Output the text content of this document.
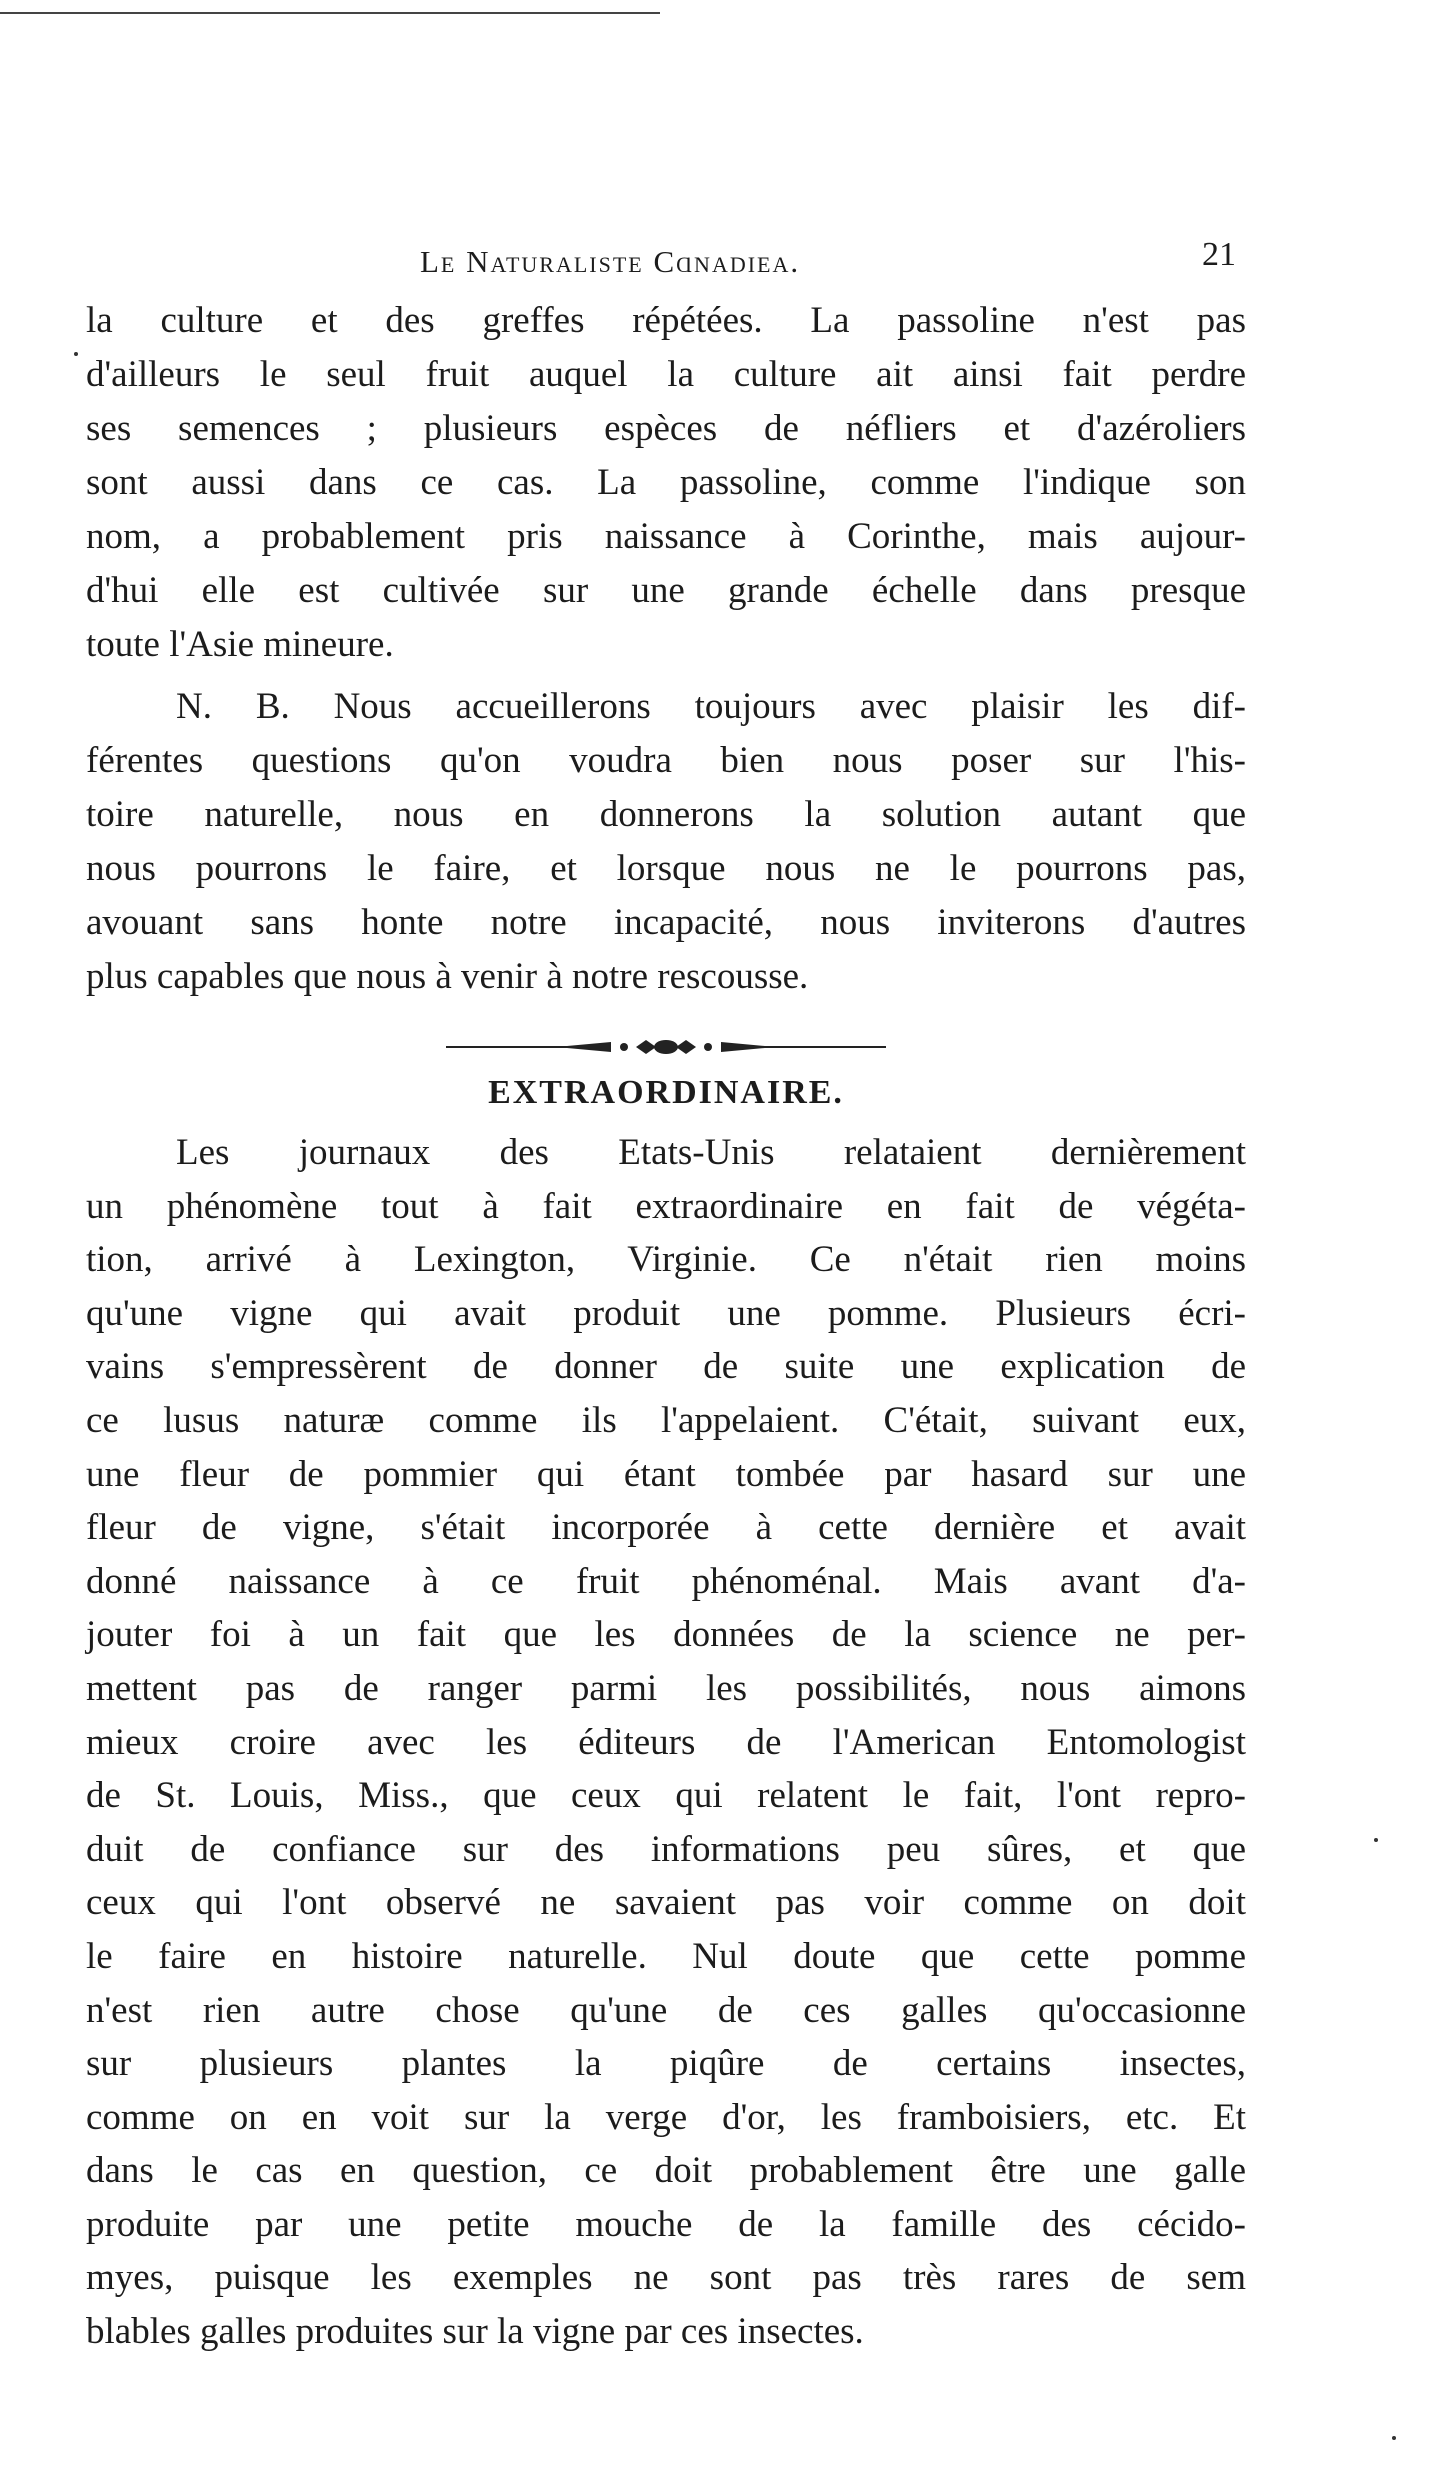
Le Naturaliste Cɑnadiea.	21
la culture et des greffes répétées. La passoline n'est pas
d'ailleurs le seul fruit auquel la culture ait ainsi fait perdre
ses semences ; plusieurs espèces de néfliers et d'azéroliers
sont aussi dans ce cas. La passoline, comme l'indique son
nom, a probablement pris naissance à Corinthe, mais aujour-
d'hui elle est cultivée sur une grande échelle dans presque
toute l'Asie mineure.
N. B. Nous accueillerons toujours avec plaisir les dif-
férentes questions qu'on voudra bien nous poser sur l'his-
toire naturelle, nous en donnerons la solution autant que
nous pourrons le faire, et lorsque nous ne le pourrons pas,
avouant sans honte notre incapacité, nous inviterons d'autres
plus capables que nous à venir à notre rescousse.
EXTRAORDINAIRE.
Les journaux des Etats-Unis relataient dernièrement
un phénomène tout à fait extraordinaire en fait de végéta-
tion, arrivé à Lexington, Virginie. Ce n'était rien moins
qu'une vigne qui avait produit une pomme. Plusieurs écri-
vains s'empressèrent de donner de suite une explication de
ce lusus naturæ comme ils l'appelaient. C'était, suivant eux,
une fleur de pommier qui étant tombée par hasard sur une
fleur de vigne, s'était incorporée à cette dernière et avait
donné naissance à ce fruit phénoménal. Mais avant d'a-
jouter foi à un fait que les données de la science ne per-
mettent pas de ranger parmi les possibilités, nous aimons
mieux croire avec les éditeurs de l'American Entomologist
de St. Louis, Miss., que ceux qui relatent le fait, l'ont repro-
duit de confiance sur des informations peu sûres, et que
ceux qui l'ont observé ne savaient pas voir comme on doit
le faire en histoire naturelle. Nul doute que cette pomme
n'est rien autre chose qu'une de ces galles qu'occasionne
sur plusieurs plantes la piqûre de certains insectes,
comme on en voit sur la verge d'or, les framboisiers, etc. Et
dans le cas en question, ce doit probablement être une galle
produite par une petite mouche de la famille des cécido-
myes, puisque les exemples ne sont pas très rares de sem
blables galles produites sur la vigne par ces insectes.
